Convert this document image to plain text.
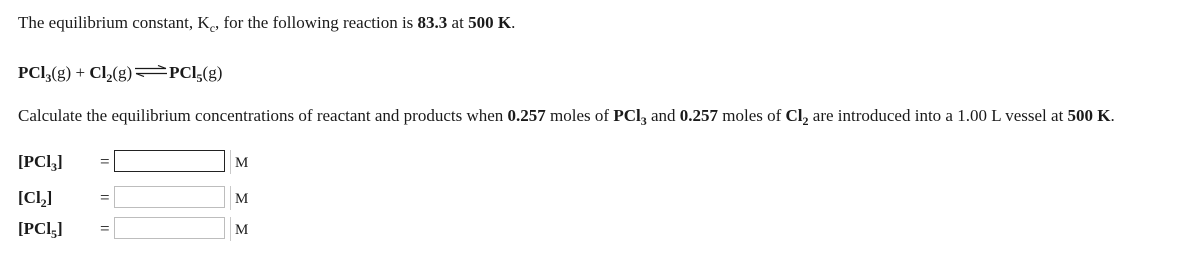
The equilibrium constant, $K_c$, for the following reaction is 83.3 at 500 K.
$PCl_3(g) + Cl_2(g)$ ⇌PCl$_5$(g)
Calculate the equilibrium concentrations of reactant and products when 0.257 moles of PCl$_3$ and 0.257 moles of $Cl_2$ are introduced into a 1.00 L vessel at 500 K.
[PCl$_3$] =	M
$[Cl_2]$	=	M
[PCl$_5$] =	M
